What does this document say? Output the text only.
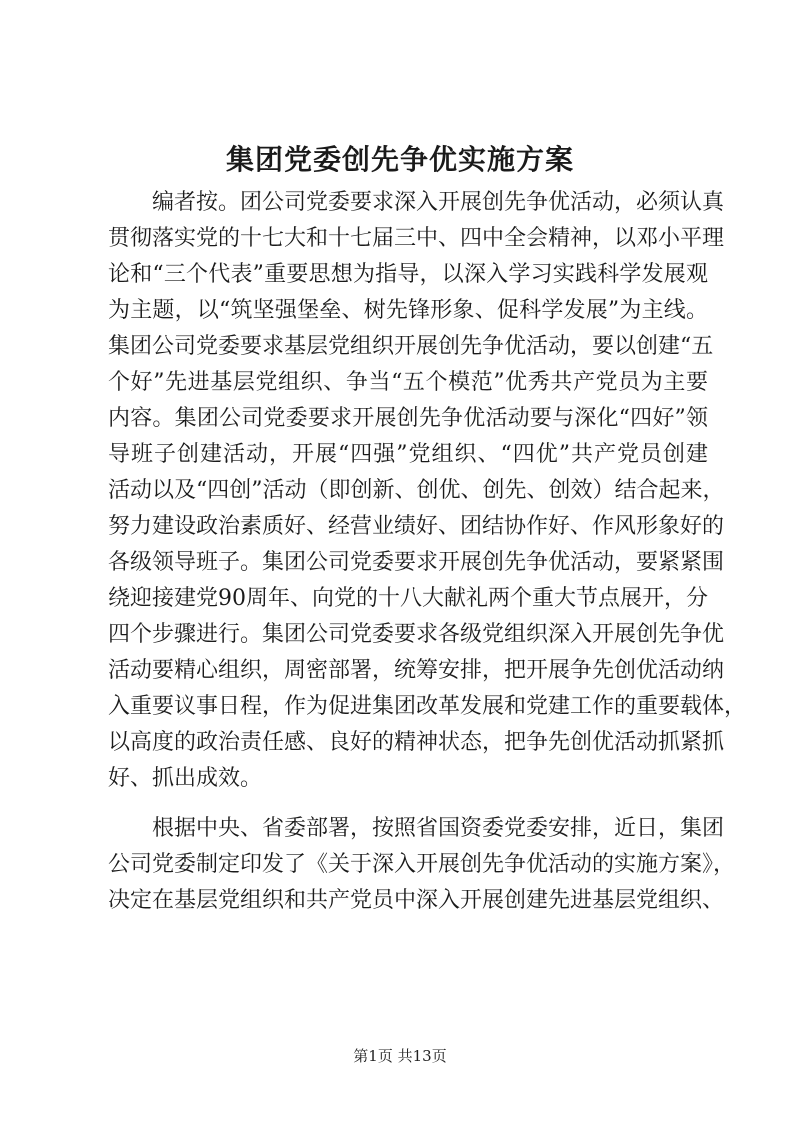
集团党委创先争优实施方案
编者按。团公司党委要求深入开展创先争优活动，必须认真
贯彻落实党的十七大和十七届三中、四中全会精神，以邓小平理
论和“三个代表”重要思想为指导，以深入学习实践科学发展观
为主题，以“筑坚强堡垒、树先锋形象、促科学发展”为主线。
集团公司党委要求基层党组织开展创先争优活动，要以创建“五
个好”先进基层党组织、争当“五个模范”优秀共产党员为主要
内容。集团公司党委要求开展创先争优活动要与深化“四好”领
导班子创建活动，开展“四强”党组织、“四优”共产党员创建
活动以及“四创”活动（即创新、创优、创先、创效）结合起来，
努力建设政治素质好、经营业绩好、团结协作好、作风形象好的
各级领导班子。集团公司党委要求开展创先争优活动，要紧紧围
绕迎接建党90周年、向党的十八大献礼两个重大节点展开，分
四个步骤进行。集团公司党委要求各级党组织深入开展创先争优
活动要精心组织，周密部署，统筹安排，把开展争先创优活动纳
入重要议事日程，作为促进集团改革发展和党建工作的重要载体，
以高度的政治责任感、良好的精神状态，把争先创优活动抓紧抓
好、抓出成效。
根据中央、省委部署，按照省国资委党委安排，近日，集团
公司党委制定印发了《关于深入开展创先争优活动的实施方案》，
决定在基层党组织和共产党员中深入开展创建先进基层党组织、
第1页 共13页
